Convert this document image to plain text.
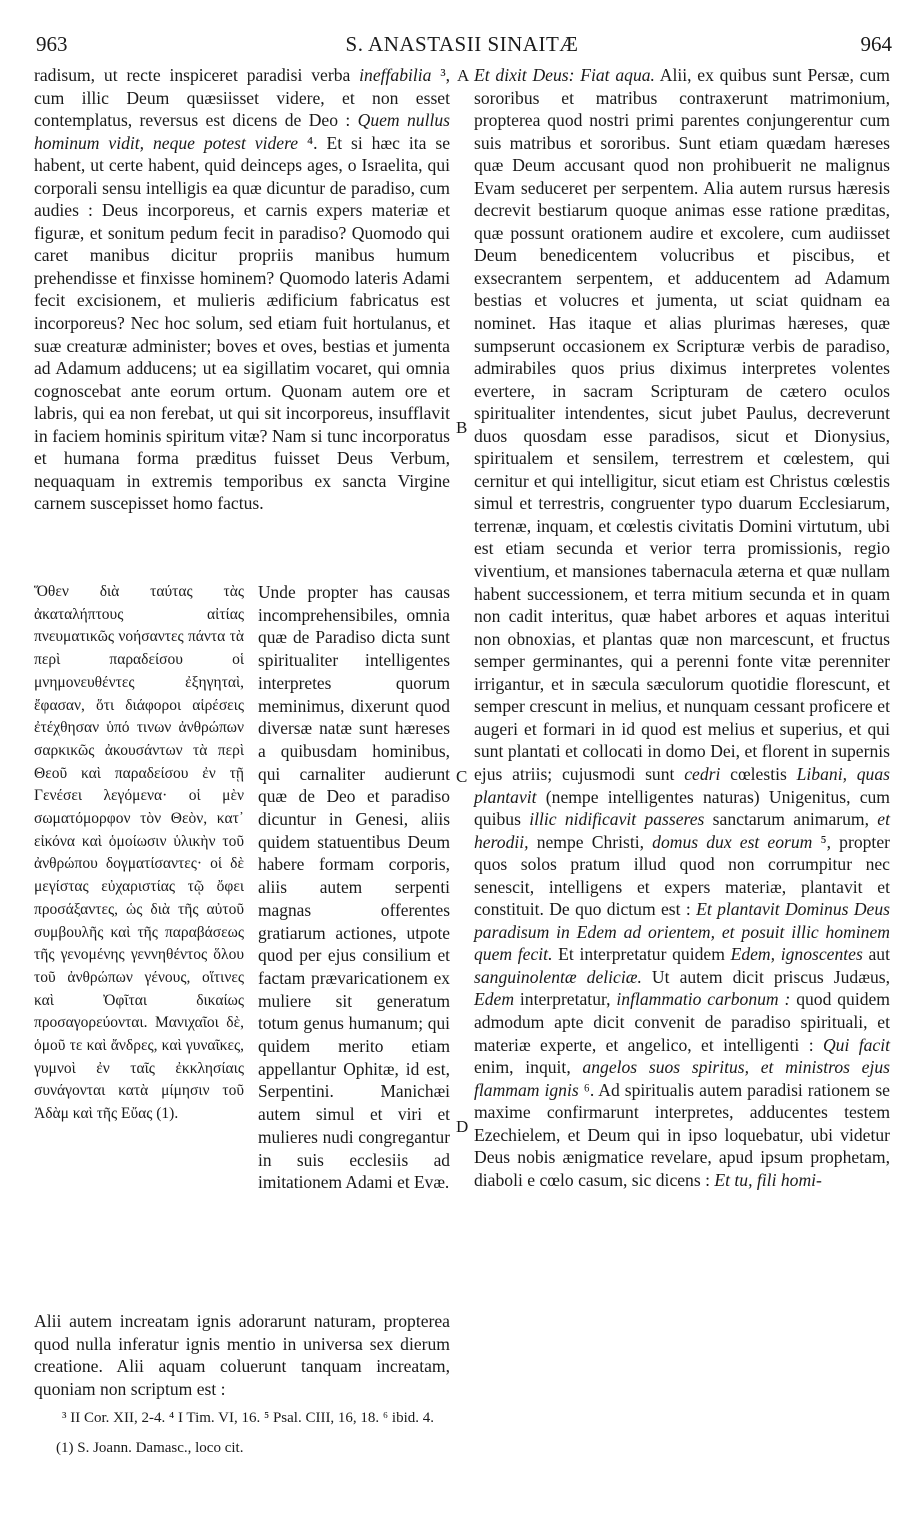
S. ANASTASII SINAITÆ
963	964
A
B
C
D

radisum, ut recte inspiceret paradisi verba ineffabilia ³, cum illic Deum quæsiisset videre, et non esset contemplatus, reversus est dicens de Deo : Quem nullus hominum vidit, neque potest videre ⁴. Et si hæc ita se habent, ut certe habent, quid deinceps ages, o Israelita, qui corporali sensu intelligis ea quæ dicuntur de paradiso, cum audies : Deus incorporeus, et carnis expers materiæ et figuræ, et sonitum pedum fecit in paradiso? Quomodo qui caret manibus dicitur propriis manibus humum prehendisse et finxisse hominem? Quomodo lateris Adami fecit excisionem, et mulieris ædificium fabricatus est incorporeus? Nec hoc solum, sed etiam fuit hortulanus, et suæ creaturæ administer; boves et oves, bestias et jumenta ad Adamum adducens; ut ea sigillatim vocaret, qui omnia cognoscebat ante eorum ortum. Quonam autem ore et labris, qui ea non ferebat, ut qui sit incorporeus, insufflavit in faciem hominis spiritum vitæ? Nam si tunc incorporatus et humana forma præditus fuisset Deus Verbum, nequaquam in extremis temporibus ex sancta Virgine carnem suscepisset homo factus.

Ὅθεν διὰ ταύτας τὰς ἀκαταλήπτους αἰτίας πνευματικῶς νοήσαντες πάντα τὰ περὶ παραδείσου οἱ μνημονευθέντες ἐξηγηταὶ, ἔφασαν, ὅτι διάφοροι αἱρέσεις ἐτέχθησαν ὑπό τινων ἀνθρώπων σαρκικῶς ἀκουσάντων τὰ περὶ Θεοῦ καὶ παραδείσου ἐν τῇ Γενέσει λεγόμενα· οἱ μὲν σωματόμορφον τὸν Θεὸν, κατ᾽ εἰκόνα καὶ ὁμοίωσιν ὑλικὴν τοῦ ἀνθρώπου δογματίσαντες· οἱ δὲ μεγίστας εὐχαριστίας τῷ ὄφει προσάξαντες, ὡς διὰ τῆς αὐτοῦ συμβουλῆς καὶ τῆς παραβάσεως τῆς γενομένης γεννηθέντος ὅλου τοῦ ἀνθρώπων γένους, οἵτινες καὶ Ὀφῖται δικαίως προσαγορεύονται. Μανιχαῖοι δὲ, ὁμοῦ τε καὶ ἄνδρες, καὶ γυναῖκες, γυμνοὶ ἐν ταῖς ἐκκλησίαις συνάγονται κατὰ μίμησιν τοῦ Ἀδὰμ καὶ τῆς Εὔας (1).

Unde propter has causas incomprehensibiles, omnia quæ de Paradiso dicta sunt spiritualiter intelligentes interpretes quorum meminimus, dixerunt quod diversæ natæ sunt hæreses a quibusdam hominibus, qui carnaliter audierunt quæ de Deo et paradiso dicuntur in Genesi, aliis quidem statuentibus Deum habere formam corporis, aliis autem serpenti magnas offerentes gratiarum actiones, utpote quod per ejus consilium et factam prævaricationem ex muliere sit generatum totum genus humanum; qui quidem merito etiam appellantur Ophitæ, id est, Serpentini. Manichæi autem simul et viri et mulieres nudi congregantur in suis ecclesiis ad imitationem Adami et Evæ.

Alii autem increatam ignis adorarunt naturam, propterea quod nulla inferatur ignis mentio in universa sex dierum creatione. Alii aquam coluerunt tanquam increatam, quoniam non scriptum est :

Et dixit Deus: Fiat aqua. Alii, ex quibus sunt Persæ, cum sororibus et matribus contraxerunt matrimonium, propterea quod nostri primi parentes conjungerentur cum suis matribus et sororibus. Sunt etiam quædam hæreses quæ Deum accusant quod non prohibuerit ne malignus Evam seduceret per serpentem. Alia autem rursus hæresis decrevit bestiarum quoque animas esse ratione præditas, quæ possunt orationem audire et excolere, cum audiisset Deum benedicentem volucribus et piscibus, et exsecrantem serpentem, et adducentem ad Adamum bestias et volucres et jumenta, ut sciat quidnam ea nominet. Has itaque et alias plurimas hæreses, quæ sumpserunt occasionem ex Scripturæ verbis de paradiso, admirabiles quos prius diximus interpretes volentes evertere, in sacram Scripturam de cætero oculos spiritualiter intendentes, sicut jubet Paulus, decreverunt duos quosdam esse paradisos, sicut et Dionysius, spiritualem et sensilem, terrestrem et cœlestem, qui cernitur et qui intelligitur, sicut etiam est Christus cœlestis simul et terrestris, congruenter typo duarum Ecclesiarum, terrenæ, inquam, et cœlestis civitatis Domini virtutum, ubi est etiam secunda et verior terra promissionis, regio viventium, et mansiones tabernacula æterna et quæ nullam habent successionem, et terra mitium secunda et in quam non cadit interitus, quæ habet arbores et aquas interitui non obnoxias, et plantas quæ non marcescunt, et fructus semper germinantes, qui a perenni fonte vitæ perenniter irrigantur, et in sæcula sæculorum quotidie florescunt, et semper crescunt in melius, et nunquam cessant proficere et augeri et formari in id quod est melius et superius, et qui sunt plantati et collocati in domo Dei, et florent in supernis ejus atriis; cujusmodi sunt cedri cœlestis Libani, quas plantavit (nempe intelligentes naturas) Unigenitus, cum quibus illic nidificavit passeres sanctarum animarum, et herodii, nempe Christi, domus dux est eorum ⁵, propter quos solos pratum illud quod non corrumpitur nec senescit, intelligens et expers materiæ, plantavit et constituit. De quo dictum est : Et plantavit Dominus Deus paradisum in Edem ad orientem, et posuit illic hominem quem fecit. Et interpretatur quidem Edem, ignoscentes aut sanguinolentæ deliciæ. Ut autem dicit priscus Judæus, Edem interpretatur, inflammatio carbonum : quod quidem admodum apte dicit convenit de paradiso spirituali, et materiæ experte, et angelico, et intelligenti : Qui facit enim, inquit, angelos suos spiritus, et ministros ejus flammam ignis ⁶. Ad spiritualis autem paradisi rationem se maxime confirmarunt interpretes, adducentes testem Ezechielem, et Deum qui in ipso loquebatur, ubi videtur Deus nobis ænigmatice revelare, apud ipsum prophetam, diaboli e cœlo casum, sic dicens : Et tu, fili homi-

³ II Cor. XII, 2-4. ⁴ I Tim. VI, 16. ⁵ Psal. CIII, 16, 18. ⁶ ibid. 4.
(1) S. Joann. Damasc., loco cit.
